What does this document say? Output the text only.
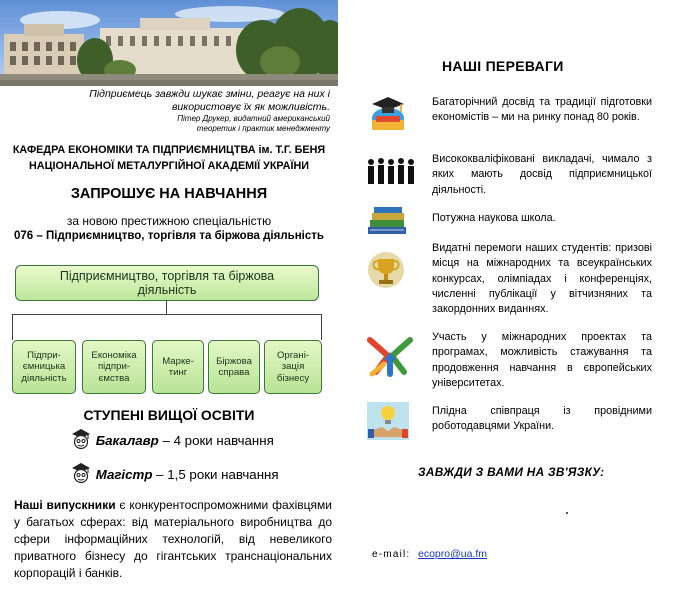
Підприємець завжди шукає зміни, реагує на них і використовує їх як можливість.
Пітер Друкер, видатний американський
теоретик і практик менеджменту
КАФЕДРА ЕКОНОМІКИ ТА ПІДПРИЄМНИЦТВА ім. Т.Г. БЕНЯ
НАЦІОНАЛЬНОЇ МЕТАЛУРГІЙНОЇ АКАДЕМІЇ УКРАЇНИ
ЗАПРОШУЄ НА НАВЧАННЯ
за новою престижною спеціальністю
076 – Підприємництво, торгівля та біржова діяльність
Підприємництво, торгівля та біржова діяльність
Підпри-
ємницька
діяльність
Економіка
підпри-
ємства
Марке-
тинг
Біржова
справа
Органі-
зація
бізнесу
СТУПЕНІ ВИЩОЇ ОСВІТИ
Бакалавр – 4 роки навчання
Магістр – 1,5 роки навчання
Наші випускники є конкурентоспроможними фахівцями у багатьох сферах: від матеріального виробництва до сфери інформаційних технологій, від невеликого приватного бізнесу до гігантських транснаціональних корпорацій і банків.
НАШІ ПЕРЕВАГИ
Багаторічний досвід та традиції підготовки економістів – ми на ринку понад 80 років.
Висококваліфіковані викладачі, чимало з яких мають досвід підприємницької діяльності.
Потужна наукова школа.
Видатні перемоги наших студентів: призові місця на міжнародних та всеукраїнських конкурсах, олімпіадах і конференціях, численні публікації у вітчизняних та закордонних виданнях.
Участь у міжнародних проектах та програмах, можливість стажування та продовження навчання в європейських університетах.
Плідна співпраця із провідними роботодавцями України.
ЗАВЖДИ З ВАМИ НА ЗВ'ЯЗКУ:
e-mail: ecopro@ua.fm
